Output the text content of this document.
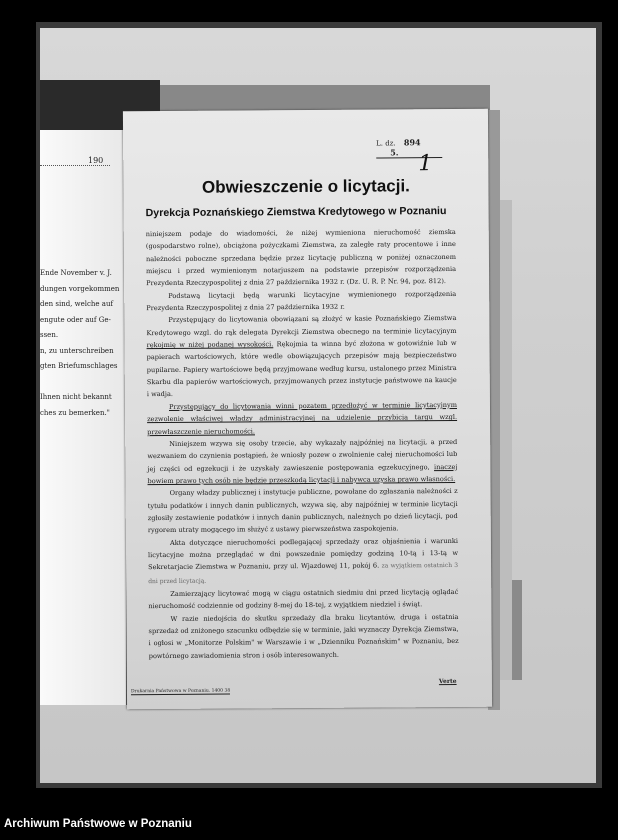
190
Ende November v. J.
dungen vorgekommen
den sind, welche auf
engute oder auf Ge-
ssen.
n, zu unterschreiben
gten Briefumschlages

Ihnen nicht bekannt
ches zu bemerken."
L. dz. 894 5. 1
Obwieszczenie o licytacji.
Dyrekcja Poznańskiego Ziemstwa Kredytowego w Poznaniu

niniejszem podaje do wiadomości, że niżej wymieniona nieruchomość ziemska (gospodarstwo rolne), obciążona pożyczkami Ziemstwa, za zaległe raty procentowe i inne należności poboczne sprzedana będzie przez licytację publiczną w poniżej oznaczonem miejscu i przed wymienionym notarjuszem na podstawie przepisów rozporządzenia Prezydenta Rzeczypospolitej z dnia 27 października 1932 r. (Dz. U. R. P. Nr. 94, poz. 812).

Podstawą licytacji będą warunki licytacyjne wymienionego rozporządzenia Prezydenta Rzeczypospolitej z dnia 27 października 1932 r.

Przystępujący do licytowania obowiązani są złożyć w kasie Poznańskiego Ziemstwa Kredytowego wzgl. do rąk delegata Dyrekcji Ziemstwa obecnego na terminie licytacyjnym rękojmię w niżej podanej wysokości. Rękojmia ta winna być złożona w gotowiźnie lub w papierach wartościowych, które wedle obowiązujących przepisów mają bezpieczeństwo pupilarne. Papiery wartościowe będą przyjmowane według kursu, ustalonego przez Ministra Skarbu dla papierów wartościowych, przyjmowanych przez instytucje państwowe na kaucje i wadja.

Przystępujący do licytowania winni pozatem przedłożyć w terminie licytacyjnym zezwolenie właściwej władzy administracyjnej na udzielenie przybicia targu wzgl. przewłaszczenie nieruchomości.

Niniejszem wzywa się osoby trzecie, aby wykazały najpóźniej na licytacji, a przed wezwaniem do czynienia postąpień, że wniosły pozew o zwolnienie całej nieruchomości lub jej części od egzekucji i że uzyskały zawieszenie postępowania egzekucyjnego, inaczej bowiem prawo tych osób nie będzie przeszkodą licytacji i nabywca uzyska prawo własności.

Organy władzy publicznej i instytucje publiczne, powołane do zgłaszania należności z tytułu podatków i innych danin publicznych, wzywa się, aby najpóźniej w terminie licytacji zgłosiły zestawienie podatków i innych danin publicznych, należnych po dzień licytacji, pod rygorem utraty mogącego im służyć z ustawy pierwszeństwa zaspokojenia.

Akta dotyczące nieruchomości podlegającej sprzedaży oraz objaśnienia i warunki licytacyjne można przeglądać w dni powszednie pomiędzy godziną 10-tą i 13-tą w Sekretarjacie Ziemstwa w Poznaniu, przy ul. Wjazdowej 11, pokój 6. za wyjątkiem ostatnich 3 dni przed licytacją.

Zamierzający licytować mogą w ciągu ostatnich siedmiu dni przed licytacją oglądać nieruchomość codziennie od godziny 8-mej do 18-tej, z wyjątkiem niedziel i świąt.

W razie niedojścia do skutku sprzedaży dla braku licytantów, druga i ostatnia sprzedaż od zniżonego szacunku odbędzie się w terminie, jaki wyznaczy Dyrekcja Ziemstwa, i ogłosi w „Monitorze Polskim" w Warszawie i w „Dzienniku Poznańskim" w Poznaniu, bez powtórnego zawiadomienia stron i osób interesowanych.

Drukarnia Państwowa w Poznaniu. 1400 38
Verte
Archiwum Państwowe w Poznaniu
